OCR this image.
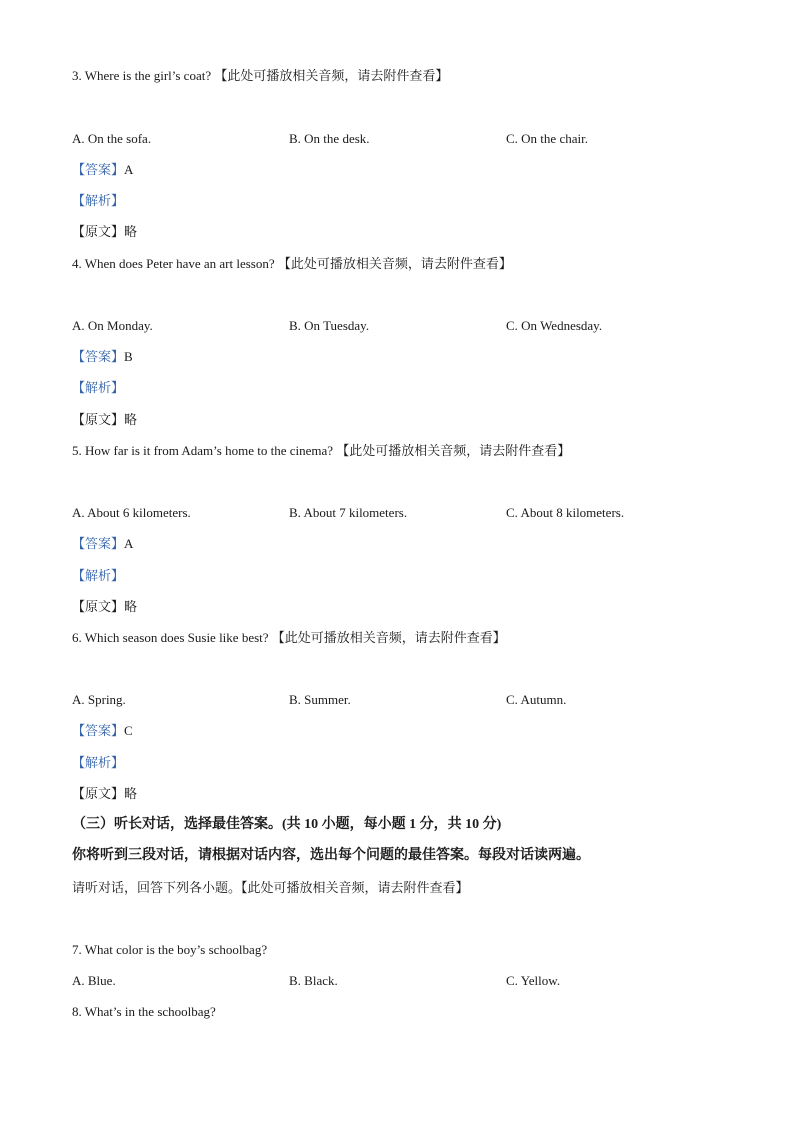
3. Where is the girl’s coat? 【此处可播放相关音频，请去附件查看】
A. On the sofa.	B. On the desk.	C. On the chair.
【答案】A
【解析】
【原文】略
4. When does Peter have an art lesson? 【此处可播放相关音频，请去附件查看】
A. On Monday.	B. On Tuesday.	C. On Wednesday.
【答案】B
【解析】
【原文】略
5. How far is it from Adam’s home to the cinema? 【此处可播放相关音频，请去附件查看】
A. About 6 kilometers.	B. About 7 kilometers.	C. About 8 kilometers.
【答案】A
【解析】
【原文】略
6. Which season does Susie like best? 【此处可播放相关音频，请去附件查看】
A. Spring.	B. Summer.	C. Autumn.
【答案】C
【解析】
【原文】略
（三）听长对话，选择最佳答案。(共 10 小题，每小题 1 分，共 10 分)
你将听到三段对话，请根据对话内容，选出每个问题的最佳答案。每段对话读两遍。
请听对话，回答下列各小题。【此处可播放相关音频，请去附件查看】
7. What color is the boy’s schoolbag?
A. Blue.	B. Black.	C. Yellow.
8. What’s in the schoolbag?
